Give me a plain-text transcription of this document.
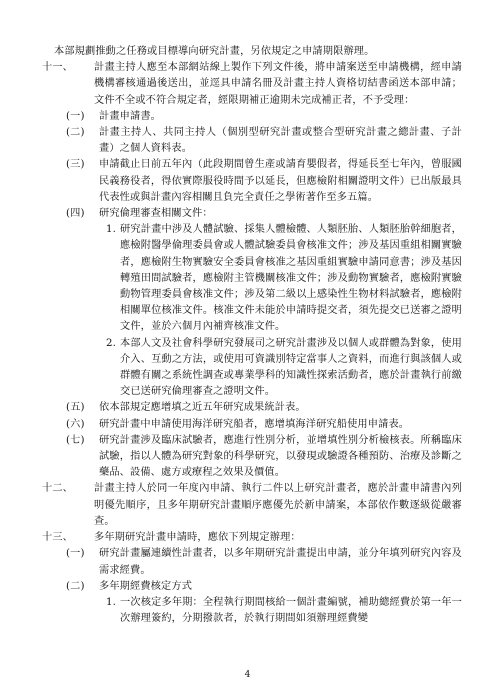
本部規劃推動之任務或目標導向研究計畫，另依規定之申請期限辦理。

十一、	計畫主持人應至本部網站線上製作下列文件後，將申請案送至申請機構，經申請機構審核通過後送出，並逕具申請名冊及計畫主持人資格切結書函送本部申請；文件不全或不符合規定者，經限期補正逾期未完成補正者，不予受理：
(一)	計畫申請書。
(二)	計畫主持人、共同主持人（個別型研究計畫或整合型研究計畫之總計畫、子計畫）之個人資料表。
(三)	申請截止日前五年內（此段期間曾生產或請育嬰假者，得延長至七年內，曾服國民義務役者，得依實際服役時間予以延長，但應檢附相關證明文件）已出版最具代表性或與計畫內容相關且負完全責任之學術著作至多五篇。
(四)	研究倫理審查相關文件：
1. 研究計畫中涉及人體試驗、採集人體檢體、人類胚胎、人類胚胎幹細胞者，應檢附醫學倫理委員會或人體試驗委員會核准文件；涉及基因重組相關實驗者，應檢附生物實驗安全委員會核准之基因重組實驗申請同意書；涉及基因轉殖田間試驗者，應檢附主管機關核准文件；涉及動物實驗者，應檢附實驗動物管理委員會核准文件；涉及第二級以上感染性生物材料試驗者，應檢附相關單位核准文件。核准文件未能於申請時提交者，須先提交已送審之證明文件，並於六個月內補齊核准文件。
2. 本部人文及社會科學研究發展司之研究計畫涉及以個人或群體為對象，使用介入、互動之方法，或使用可資識別特定當事人之資料，而進行與該個人或群體有關之系統性調查或專業學科的知識性探索活動者，應於計畫執行前繳交已送研究倫理審查之證明文件。
(五)	依本部規定應增填之近五年研究成果統計表。
(六)	研究計畫中申請使用海洋研究船者，應增填海洋研究船使用申請表。
(七)	研究計畫涉及臨床試驗者，應進行性別分析，並增填性別分析檢核表。所稱臨床試驗，指以人體為研究對象的科學研究，以發現或驗證各種預防、治療及診斷之藥品、設備、處方或療程之效果及價值。
十二、	計畫主持人於同一年度內申請、執行二件以上研究計畫者，應於計畫申請書內列明優先順序，且多年期研究計畫順序應優先於新申請案，本部依作數逐級從嚴審查。
十三、	多年期研究計畫申請時，應依下列規定辦理：
(一)	研究計畫屬連續性計畫者，以多年期研究計畫提出申請，並分年填列研究內容及需求經費。
(二)	多年期經費核定方式
1. 一次核定多年期：全程執行期間核給一個計畫編號，補助總經費於第一年一次辦理簽約，分期撥款者，於執行期間如須辦理經費變
4
